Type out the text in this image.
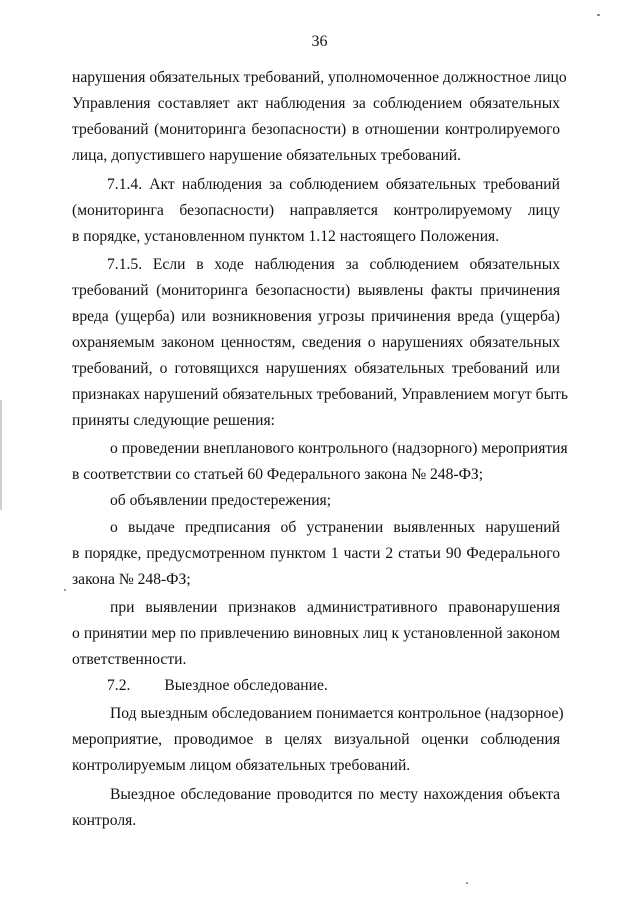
36
нарушения обязательных требований, уполномоченное должностное лицо
Управления составляет акт наблюдения за соблюдением обязательных
требований (мониторинга безопасности) в отношении контролируемого
лица, допустившего нарушение обязательных требований.
7.1.4. Акт наблюдения за соблюдением обязательных требований
(мониторинга безопасности) направляется контролируемому лицу
в порядке, установленном пунктом 1.12 настоящего Положения.
7.1.5. Если в ходе наблюдения за соблюдением обязательных
требований (мониторинга безопасности) выявлены факты причинения
вреда (ущерба) или возникновения угрозы причинения вреда (ущерба)
охраняемым законом ценностям, сведения о нарушениях обязательных
требований, о готовящихся нарушениях обязательных требований или
признаках нарушений обязательных требований, Управлением могут быть
приняты следующие решения:
о проведении внепланового контрольного (надзорного) мероприятия
в соответствии со статьей 60 Федерального закона № 248-ФЗ;
об объявлении предостережения;
о выдаче предписания об устранении выявленных нарушений
в порядке, предусмотренном пунктом 1 части 2 статьи 90 Федерального
закона № 248-ФЗ;
при выявлении признаков административного правонарушения
о принятии мер по привлечению виновных лиц к установленной законом
ответственности.
7.2. Выездное обследование.
Под выездным обследованием понимается контрольное (надзорное)
мероприятие, проводимое в целях визуальной оценки соблюдения
контролируемым лицом обязательных требований.
Выездное обследование проводится по месту нахождения объекта
контроля.
